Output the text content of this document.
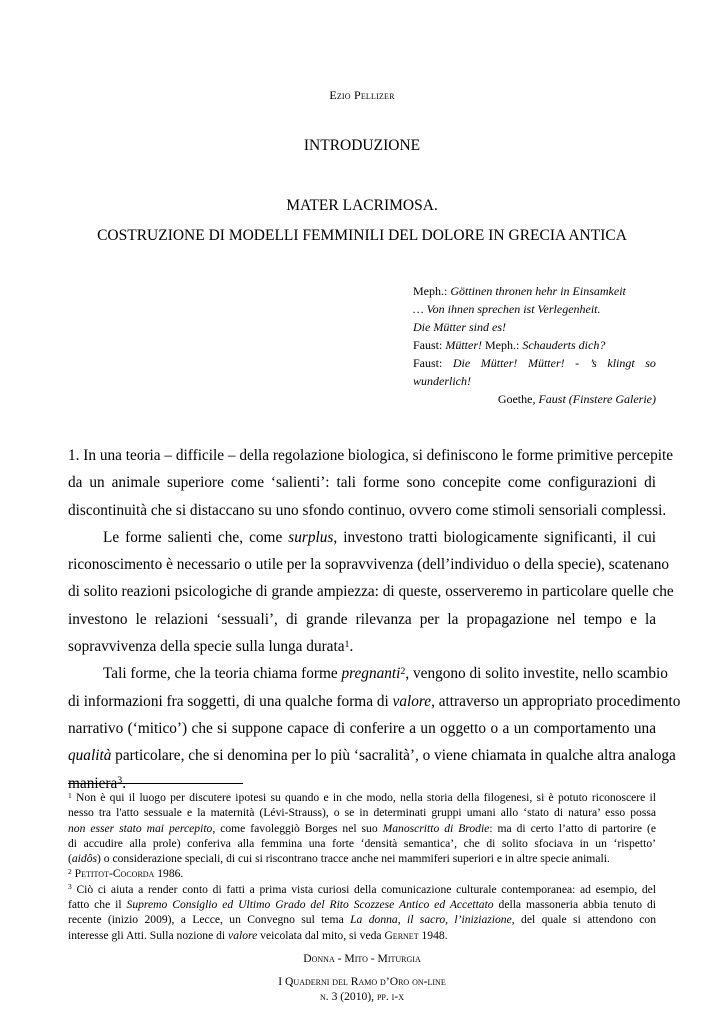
Ezio Pellizer
INTRODUZIONE
MATER LACRIMOSA.
COSTRUZIONE DI MODELLI FEMMINILI DEL DOLORE IN GRECIA ANTICA
Meph.: Göttinen thronen hehr in Einsamkeit
… Von ihnen sprechen ist Verlegenheit.
Die Mütter sind es!
Faust: Mütter! Meph.: Schauderts dich?
Faust: Die Mütter! Mütter! - ’s klingt so
wunderlich!
Goethe, Faust (Finstere Galerie)
1. In una teoria – difficile – della regolazione biologica, si definiscono le forme primitive percepite
da un animale superiore come ‘salienti’: tali forme sono concepite come configurazioni di
discontinuità che si distaccano su uno sfondo continuo, ovvero come stimoli sensoriali complessi.
Le forme salienti che, come surplus, investono tratti biologicamente significanti, il cui
riconoscimento è necessario o utile per la sopravvivenza (dell’individuo o della specie), scatenano
di solito reazioni psicologiche di grande ampiezza: di queste, osserveremo in particolare quelle che
investono le relazioni ‘sessuali’, di grande rilevanza per la propagazione nel tempo e la
sopravvivenza della specie sulla lunga durata$^1$.
Tali forme, che la teoria chiama forme pregnanti$^2$, vengono di solito investite, nello scambio
di informazioni fra soggetti, di una qualche forma di valore, attraverso un appropriato procedimento
narrativo (‘mitico’) che si suppone capace di conferire a un oggetto o a un comportamento una
qualità particolare, che si denomina per lo più ‘sacralità’, o viene chiamata in qualche altra analoga
maniera$^3$.
$^1$ Non è qui il luogo per discutere ipotesi su quando e in che modo, nella storia della filogenesi, si è potuto riconoscere il
nesso tra l'atto sessuale e la maternità (Lévi-Strauss), o se in determinati gruppi umani allo ‘stato di natura’ esso possa
non esser stato mai percepito, come favoleggiò Borges nel suo Manoscritto di Brodie: ma di certo l’atto di partorire (e
di accudire alla prole) conferiva alla femmina una forte ‘densità semantica’, che di solito sfociava in un ‘rispetto’
(aidôs) o considerazione speciali, di cui si riscontrano tracce anche nei mammiferi superiori e in altre specie animali.
$^2$ Petitot-Cocorda 1986.
$^3$ Ciò ci aiuta a render conto di fatti a prima vista curiosi della comunicazione culturale contemporanea: ad esempio, del
fatto che il Supremo Consiglio ed Ultimo Grado del Rito Scozzese Antico ed Accettato della massoneria abbia tenuto di
recente (inizio 2009), a Lecce, un Convegno sul tema La donna, il sacro, l’iniziazione, del quale si attendono con
interesse gli Atti. Sulla nozione di valore veicolata dal mito, si veda Gernet 1948.
Donna - Mito - Miturgia
I Quaderni del Ramo d’Oro on-line
n. 3 (2010), pp. i-x
